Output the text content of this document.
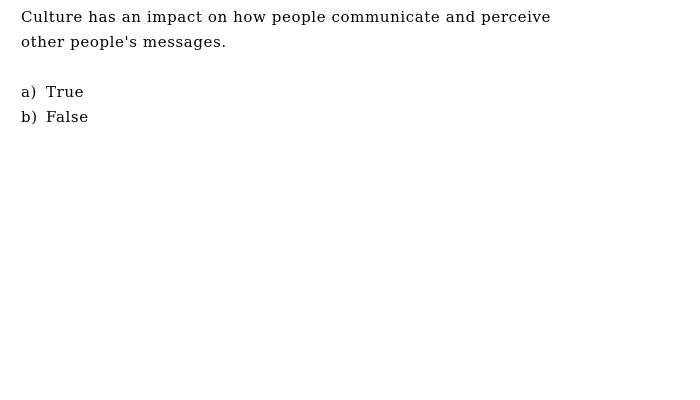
Culture has an impact on how people communicate and perceive
other people's messages.
a) True
b) False
